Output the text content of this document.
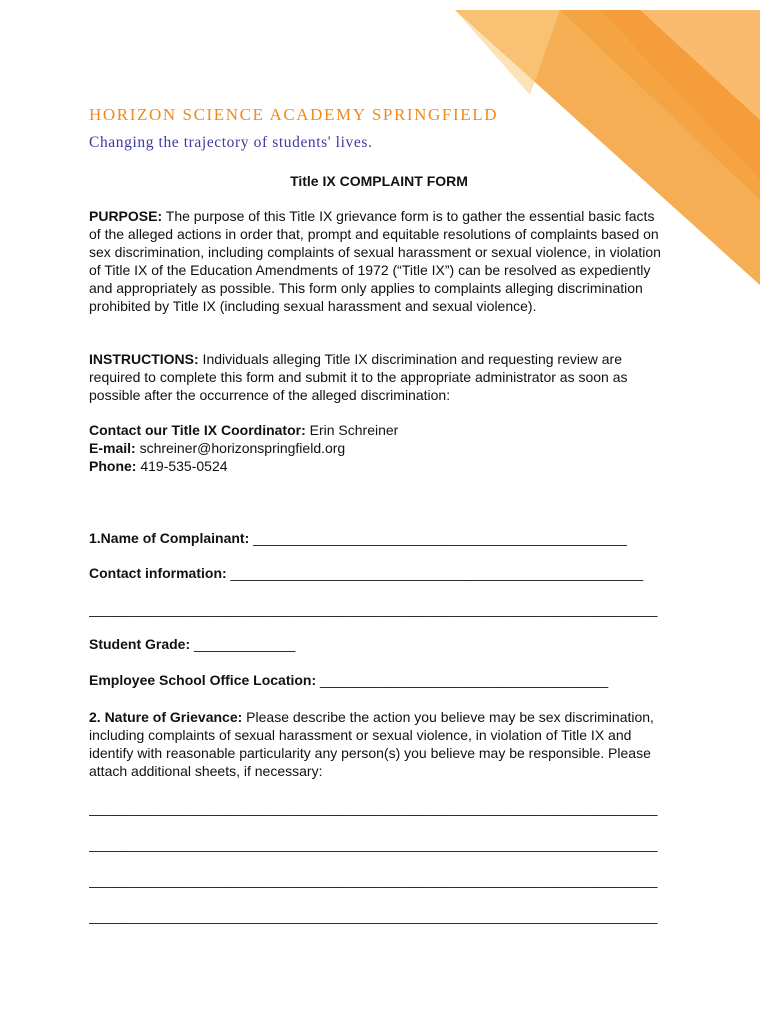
HORIZON SCIENCE ACADEMY SPRINGFIELD
Changing the trajectory of students' lives.
Title IX COMPLAINT FORM

PURPOSE: The purpose of this Title IX grievance form is to gather the essential basic facts of the alleged actions in order that, prompt and equitable resolutions of complaints based on sex discrimination, including complaints of sexual harassment or sexual violence, in violation of Title IX of the Education Amendments of 1972 (“Title IX”) can be resolved as expediently and appropriately as possible. This form only applies to complaints alleging discrimination prohibited by Title IX (including sexual harassment and sexual violence).

INSTRUCTIONS: Individuals alleging Title IX discrimination and requesting review are required to complete this form and submit it to the appropriate administrator as soon as possible after the occurrence of the alleged discrimination:

Contact our Title IX Coordinator: Erin Schreiner
E-mail: schreiner@horizonspringfield.org
Phone: 419-535-0524
1.Name of Complainant: ________________________________________________
Contact information: _____________________________________________________
_________________________________________________________________________
Student Grade: _____________
Employee School Office Location: _____________________________________

2. Nature of Grievance: Please describe the action you believe may be sex discrimination, including complaints of sexual harassment or sexual violence, in violation of Title IX and identify with reasonable particularity any person(s) you believe may be responsible. Please attach additional sheets, if necessary:

_________________________________________________________________________
_________________________________________________________________________
_________________________________________________________________________
_________________________________________________________________________
